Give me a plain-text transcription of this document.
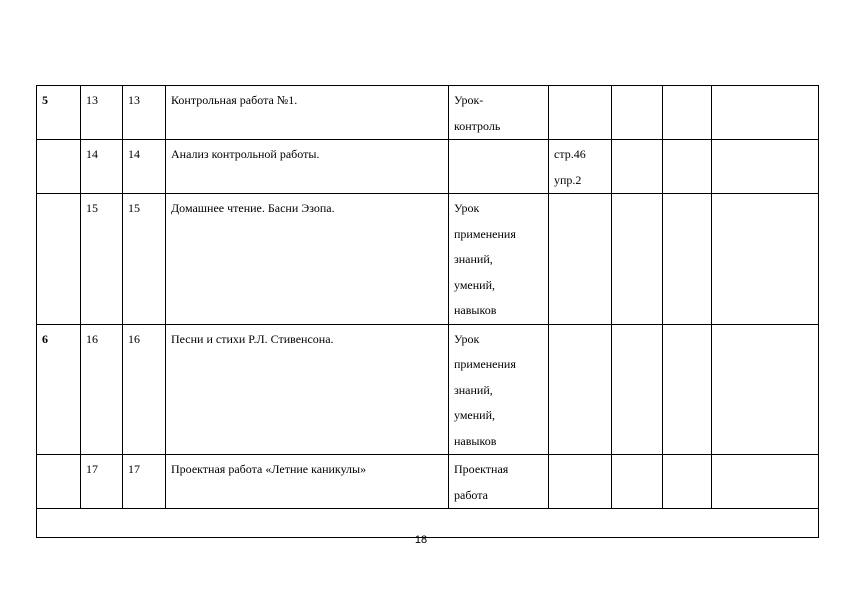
5	13	13	Контрольная работа №1.	Урок-
контроль				

	14	14	Анализ контрольной работы.		стр.46
упр.2			

	15	15	Домашнее чтение. Басни Эзопа.	Урок
применения
знаний,
умений,
навыков				

6	16	16	Песни и стихи Р.Л. Стивенсона.	Урок
применения
знаний,
умений,
навыков				

	17	17	Проектная работа «Летние каникулы»	Проектная
работа				

18
